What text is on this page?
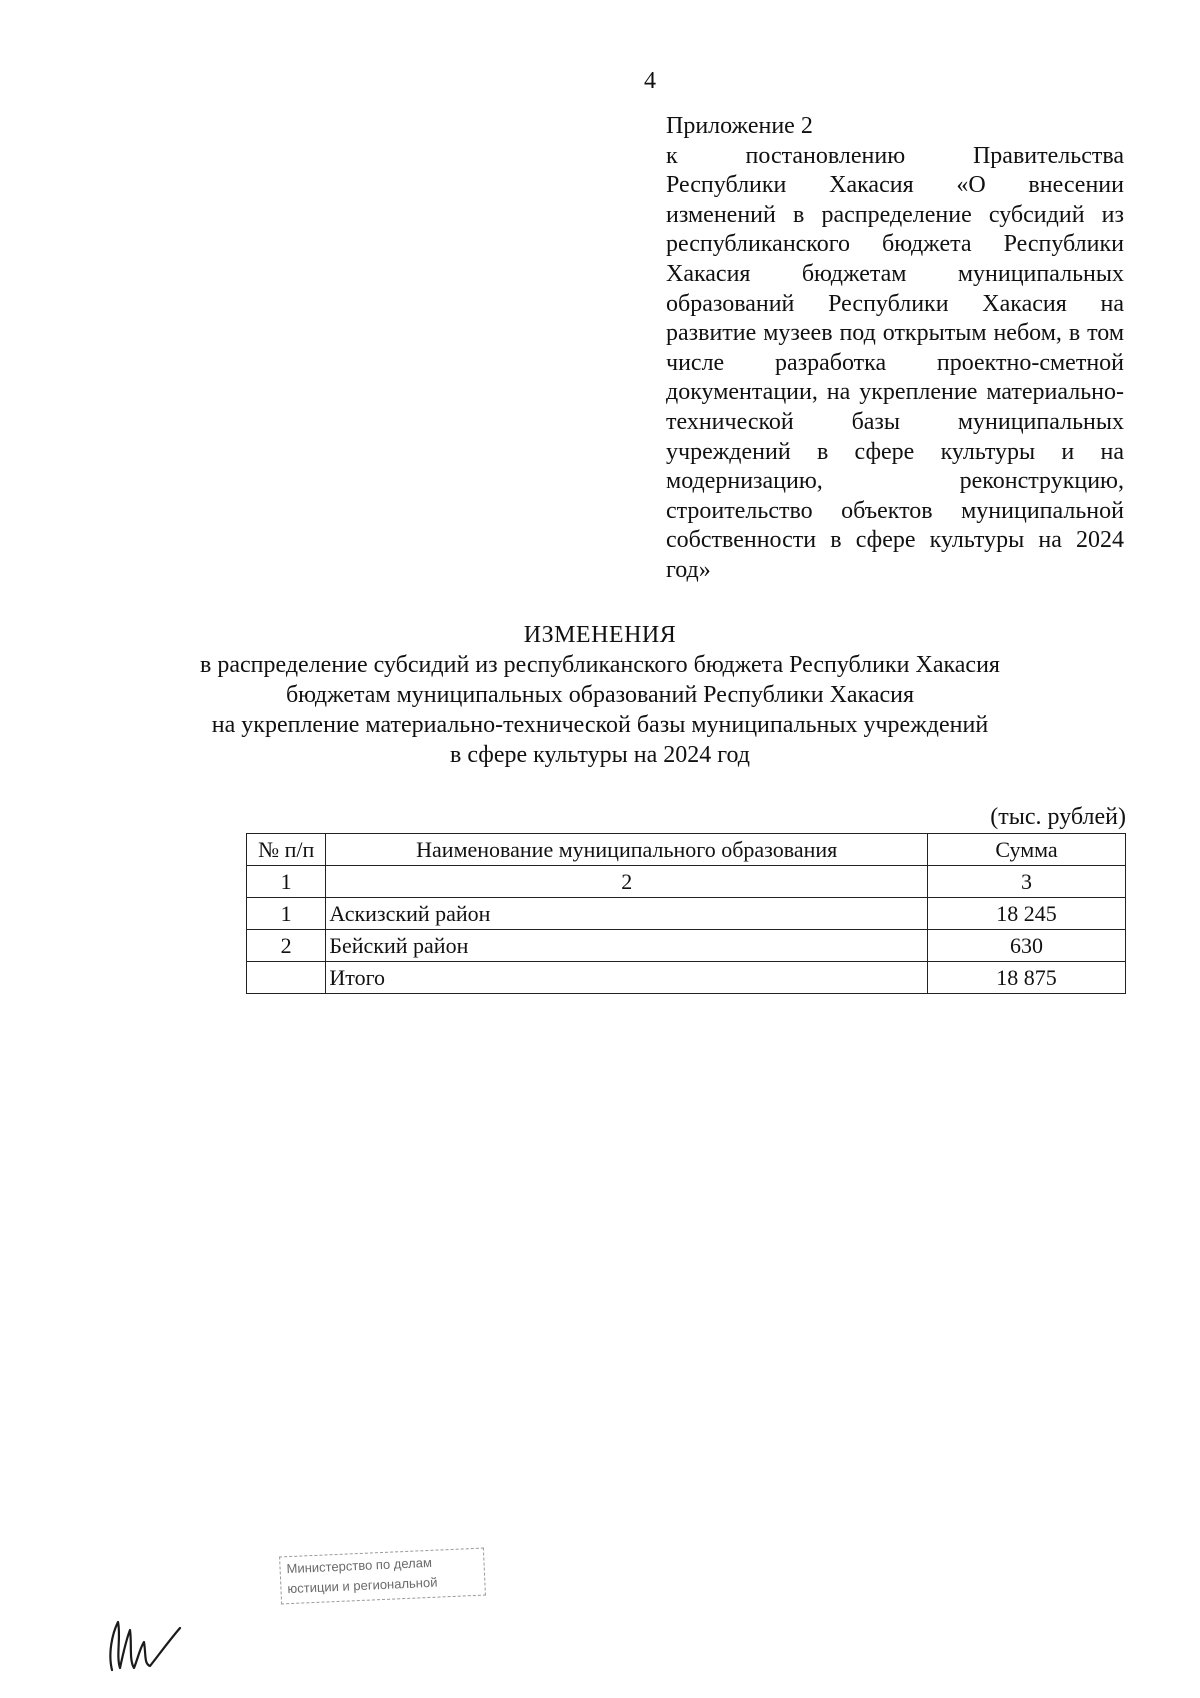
4
Приложение 2
к постановлению Правительства Республики Хакасия «О внесении изменений в распределение субсидий из республиканского бюджета Республики Хакасия бюджетам муниципальных образований Республики Хакасия на развитие музеев под открытым небом, в том числе разработка проектно-сметной документации, на укрепление материально-технической базы муниципальных учреждений в сфере культуры и на модернизацию, реконструкцию, строительство объектов муниципальной собственности в сфере культуры на 2024 год»
ИЗМЕНЕНИЯ
в распределение субсидий из республиканского бюджета Республики Хакасия
бюджетам муниципальных образований Республики Хакасия
на укрепление материально-технической базы муниципальных учреждений
в сфере культуры на 2024 год
(тыс. рублей)
№ п/п	Наименование муниципального образования	Сумма
1	2	3
1	Аскизский район	18 245
2	Бейский район	630
	Итого	18 875
Министерство по делам
юстиции и региональной
